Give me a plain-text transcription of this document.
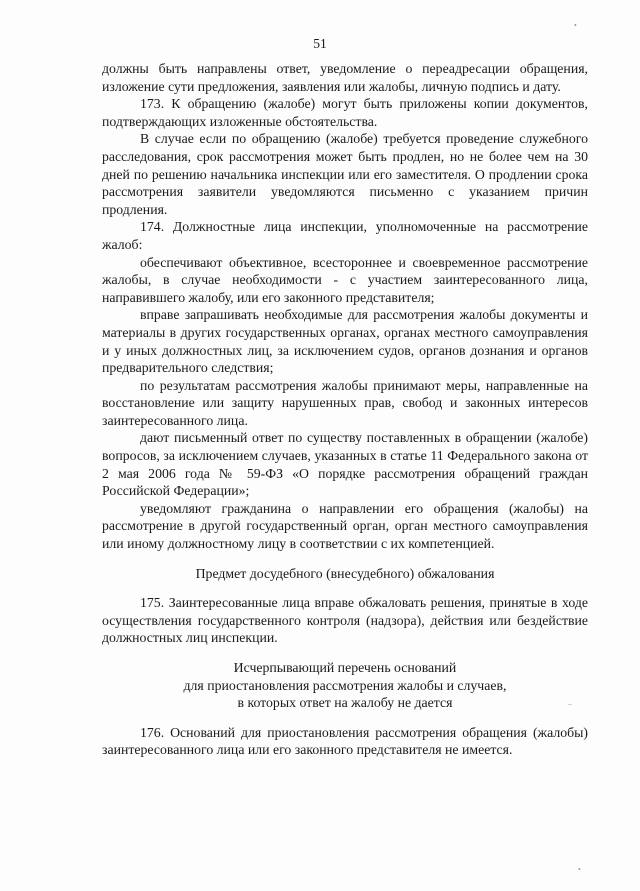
51
•
–
•

должны быть направлены ответ, уведомление о переадресации обращения, изложение сути предложения, заявления или жалобы, личную подпись и дату.

173. К обращению (жалобе) могут быть приложены копии документов, подтверждающих изложенные обстоятельства.

В случае если по обращению (жалобе) требуется проведение служебного расследования, срок рассмотрения может быть продлен, но не более чем на 30 дней по решению начальника инспекции или его заместителя. О продлении срока рассмотрения заявители уведомляются письменно с указанием причин продления.

174. Должностные лица инспекции, уполномоченные на рассмотрение жалоб:

обеспечивают объективное, всестороннее и своевременное рассмотрение жалобы, в случае необходимости - с участием заинтересованного лица, направившего жалобу, или его законного представителя;

вправе запрашивать необходимые для рассмотрения жалобы документы и материалы в других государственных органах, органах местного самоуправления и у иных должностных лиц, за исключением судов, органов дознания и органов предварительного следствия;

по результатам рассмотрения жалобы принимают меры, направленные на восстановление или защиту нарушенных прав, свобод и законных интересов заинтересованного лица.

дают письменный ответ по существу поставленных в обращении (жалобе) вопросов, за исключением случаев, указанных в статье 11 Федерального закона от 2 мая 2006 года № 59-ФЗ «О порядке рассмотрения обращений граждан Российской Федерации»;

уведомляют гражданина о направлении его обращения (жалобы) на рассмотрение в другой государственный орган, орган местного самоуправления или иному должностному лицу в соответствии с их компетенцией.

Предмет досудебного (внесудебного) обжалования

175. Заинтересованные лица вправе обжаловать решения, принятые в ходе осуществления государственного контроля (надзора), действия или бездействие должностных лиц инспекции.

Исчерпывающий перечень оснований

для приостановления рассмотрения жалобы и случаев,

в которых ответ на жалобу не дается

176. Оснований для приостановления рассмотрения обращения (жалобы) заинтересованного лица или его законного представителя не имеется.
